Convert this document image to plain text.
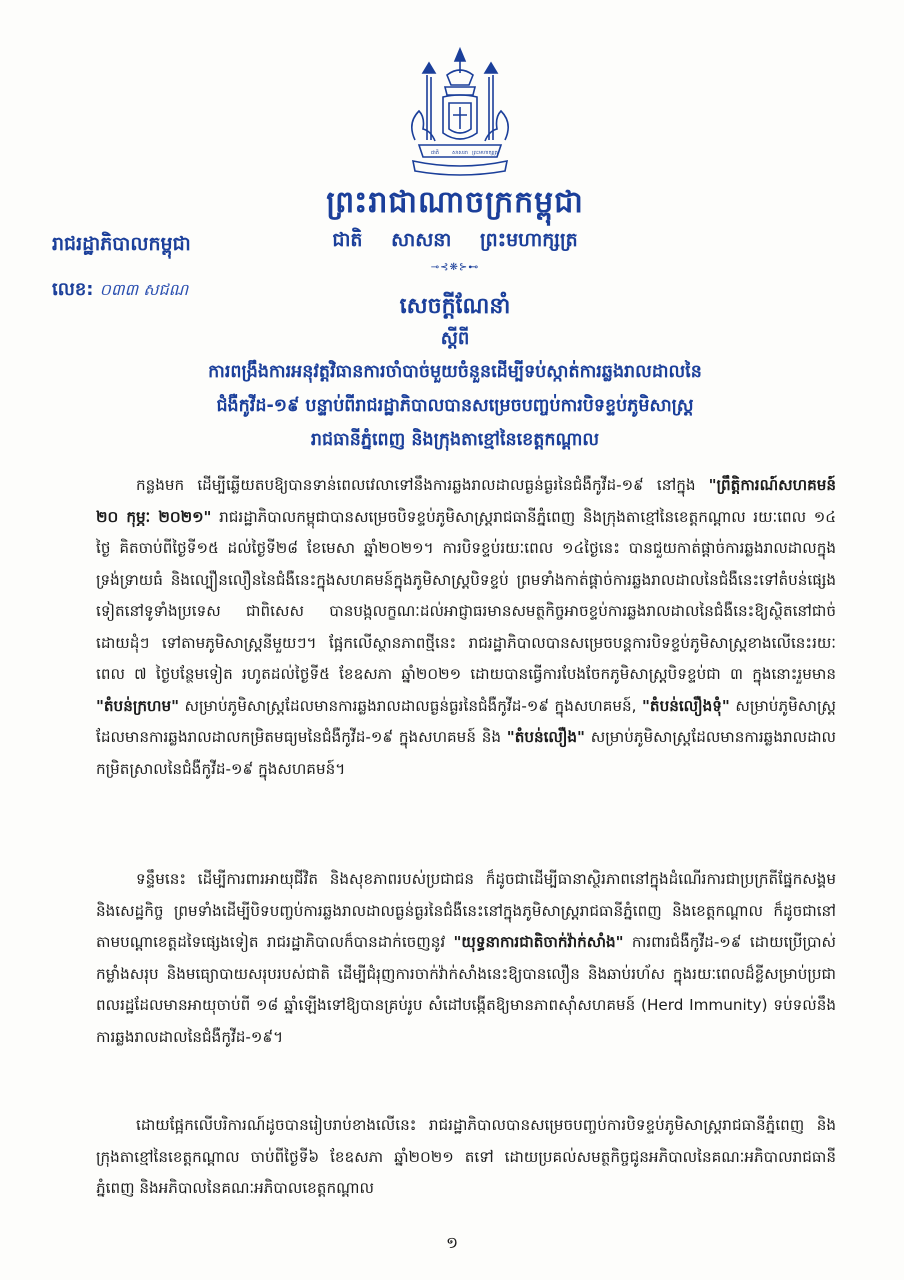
ជាតិ	សាសនា ព្រះមហាក្សត្រ
ព្រះរាជាណាចក្រកម្ពុជា
ជាតិ សាសនា ព្រះមហាក្សត្រ
⊸⊰❋⊱⊷
រាជរដ្ឋាភិបាលកម្ពុជា
លេខ: ០៣៣ សជណ
សេចក្ដីណែនាំ
ស្ដីពី
ការពង្រឹងការអនុវត្តវិធានការចាំបាច់មួយចំនួនដើម្បីទប់ស្កាត់ការឆ្លងរាលដាលនៃ
ជំងឺកូវីដ-១៩ បន្ទាប់ពីរាជរដ្ឋាភិបាលបានសម្រេចបញ្ចប់ការបិទខ្ទប់ភូមិសាស្ត្រ
រាជធានីភ្នំពេញ និងក្រុងតាខ្មៅនៃខេត្តកណ្ដាល
កន្លងមក ដើម្បីឆ្លើយតបឱ្យបានទាន់ពេលវេលាទៅនឹងការឆ្លងរាលដាលធ្ងន់ធ្ងរនៃជំងឺកូវីដ-១៩ នៅក្នុង "ព្រឹត្តិការណ៍សហគមន៍ ២០ កុម្ភៈ ២០២១" រាជរដ្ឋាភិបាលកម្ពុជាបានសម្រេចបិទខ្ទប់ភូមិសាស្ត្ររាជធានីភ្នំពេញ និងក្រុងតាខ្មៅនៃខេត្តកណ្ដាល រយៈពេល ១៤ ថ្ងៃ គិតចាប់ពីថ្ងៃទី១៥ ដល់ថ្ងៃទី២៨ ខែមេសា ឆ្នាំ២០២១។ ការបិទខ្ទប់រយៈពេល ១៤ថ្ងៃនេះ បានជួយកាត់ផ្ដាច់ការឆ្លងរាលដាលក្នុងទ្រង់ទ្រាយធំ និងល្បឿនលឿននៃជំងឺនេះក្នុងសហគមន៍ក្នុងភូមិសាស្ត្របិទខ្ទប់ ព្រមទាំងកាត់ផ្ដាច់ការឆ្លងរាលដាលនៃជំងឺនេះទៅតំបន់ផ្សេងទៀតនៅទូទាំងប្រទេស ជាពិសេស បានបង្កលក្ខណៈដល់អាជ្ញាធរមានសមត្ថកិច្ចអាចខ្ទប់ការឆ្លងរាលដាលនៃជំងឺនេះឱ្យស្ថិតនៅជាច់ដោយដុំៗ ទៅតាមភូមិសាស្ត្រនីមួយៗ។ ផ្អែកលើស្ថានភាពថ្មីនេះ រាជរដ្ឋាភិបាលបានសម្រេចបន្តការបិទខ្ទប់ភូមិសាស្ត្រខាងលើនេះរយៈពេល ៧ ថ្ងៃបន្ថែមទៀត រហូតដល់ថ្ងៃទី៥ ខែឧសភា ឆ្នាំ២០២១ ដោយបានធ្វើការបែងចែកភូមិសាស្ត្របិទខ្ទប់ជា ៣ ក្នុងនោះរួមមាន "តំបន់ក្រហម" សម្រាប់ភូមិសាស្ត្រដែលមានការឆ្លងរាលដាលធ្ងន់ធ្ងរនៃជំងឺកូវីដ-១៩ ក្នុងសហគមន៍, "តំបន់លឿងទុំ" សម្រាប់ភូមិសាស្ត្រដែលមានការឆ្លងរាលដាលកម្រិតមធ្យមនៃជំងឺកូវីដ-១៩ ក្នុងសហគមន៍ និង "តំបន់លឿង" សម្រាប់ភូមិសាស្ត្រដែលមានការឆ្លងរាលដាលកម្រិតស្រាលនៃជំងឺកូវីដ-១៩ ក្នុងសហគមន៍។
ទន្ទឹមនេះ ដើម្បីការពារអាយុជីវិត និងសុខភាពរបស់ប្រជាជន ក៏ដូចជាដើម្បីធានាស្ថិរភាពនៅក្នុងដំណើរការជាប្រក្រតីផ្នែកសង្គម និងសេដ្ឋកិច្ច ព្រមទាំងដើម្បីបិទបញ្ចប់ការឆ្លងរាលដាលធ្ងន់ធ្ងរនៃជំងឺនេះនៅក្នុងភូមិសាស្ត្ររាជធានីភ្នំពេញ និងខេត្តកណ្ដាល ក៏ដូចជានៅតាមបណ្ដាខេត្តដទៃផ្សេងទៀត រាជរដ្ឋាភិបាលក៏បានដាក់ចេញនូវ "យុទ្ធនាការជាតិចាក់វ៉ាក់សាំង" ការពារជំងឺកូវីដ-១៩ ដោយប្រើប្រាស់កម្លាំងសរុប និងមធ្យោបាយសរុបរបស់ជាតិ ដើម្បីជំរុញការចាក់វ៉ាក់សាំងនេះឱ្យបានលឿន និងឆាប់រហ័ស ក្នុងរយៈពេលដ៏ខ្លីសម្រាប់ប្រជាពលរដ្ឋដែលមានអាយុចាប់ពី ១៨ ឆ្នាំឡើងទៅឱ្យបានគ្រប់រូប សំដៅបង្កើតឱ្យមានភាពស៊ាំសហគមន៍ (Herd Immunity) ទប់ទល់នឹងការឆ្លងរាលដាលនៃជំងឺកូវីដ-១៩។
ដោយផ្អែកលើបរិការណ៍ដូចបានរៀបរាប់ខាងលើនេះ រាជរដ្ឋាភិបាលបានសម្រេចបញ្ចប់ការបិទខ្ទប់ភូមិសាស្ត្ររាជធានីភ្នំពេញ និងក្រុងតាខ្មៅនៃខេត្តកណ្ដាល ចាប់ពីថ្ងៃទី៦ ខែឧសភា ឆ្នាំ២០២១ តទៅ ដោយប្រគល់សមត្ថកិច្ចជូនអភិបាលនៃគណៈអភិបាលរាជធានីភ្នំពេញ និងអភិបាលនៃគណៈអភិបាលខេត្តកណ្ដាល
១
